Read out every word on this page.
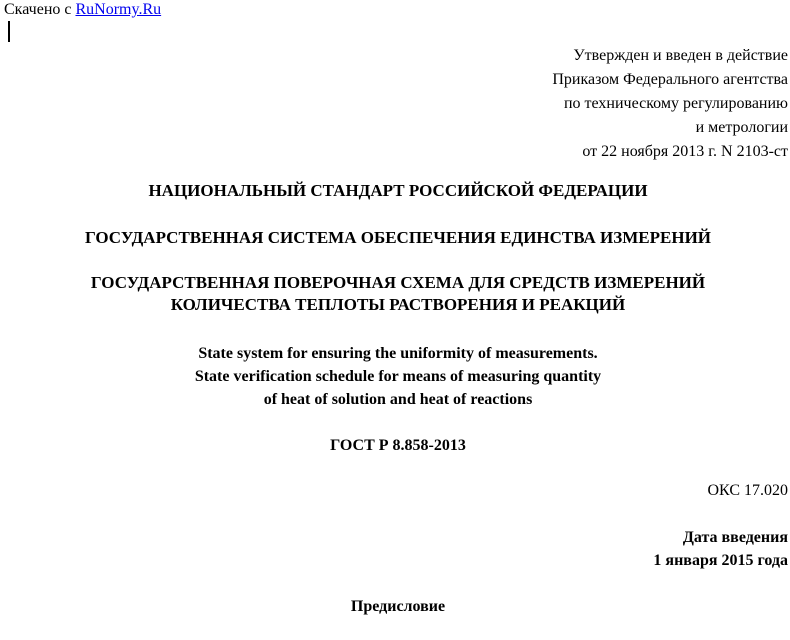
Скачено с RuNormy.Ru
Утвержден и введен в действие
Приказом Федерального агентства
по техническому регулированию
и метрологии
от 22 ноября 2013 г. N 2103-ст
НАЦИОНАЛЬНЫЙ СТАНДАРТ РОССИЙСКОЙ ФЕДЕРАЦИИ
ГОСУДАРСТВЕННАЯ СИСТЕМА ОБЕСПЕЧЕНИЯ ЕДИНСТВА ИЗМЕРЕНИЙ
ГОСУДАРСТВЕННАЯ ПОВЕРОЧНАЯ СХЕМА ДЛЯ СРЕДСТВ ИЗМЕРЕНИЙ
КОЛИЧЕСТВА ТЕПЛОТЫ РАСТВОРЕНИЯ И РЕАКЦИЙ
State system for ensuring the uniformity of measurements.
State verification schedule for means of measuring quantity
of heat of solution and heat of reactions
ГОСТ Р 8.858-2013
ОКС 17.020
Дата введения
1 января 2015 года
Предисловие
